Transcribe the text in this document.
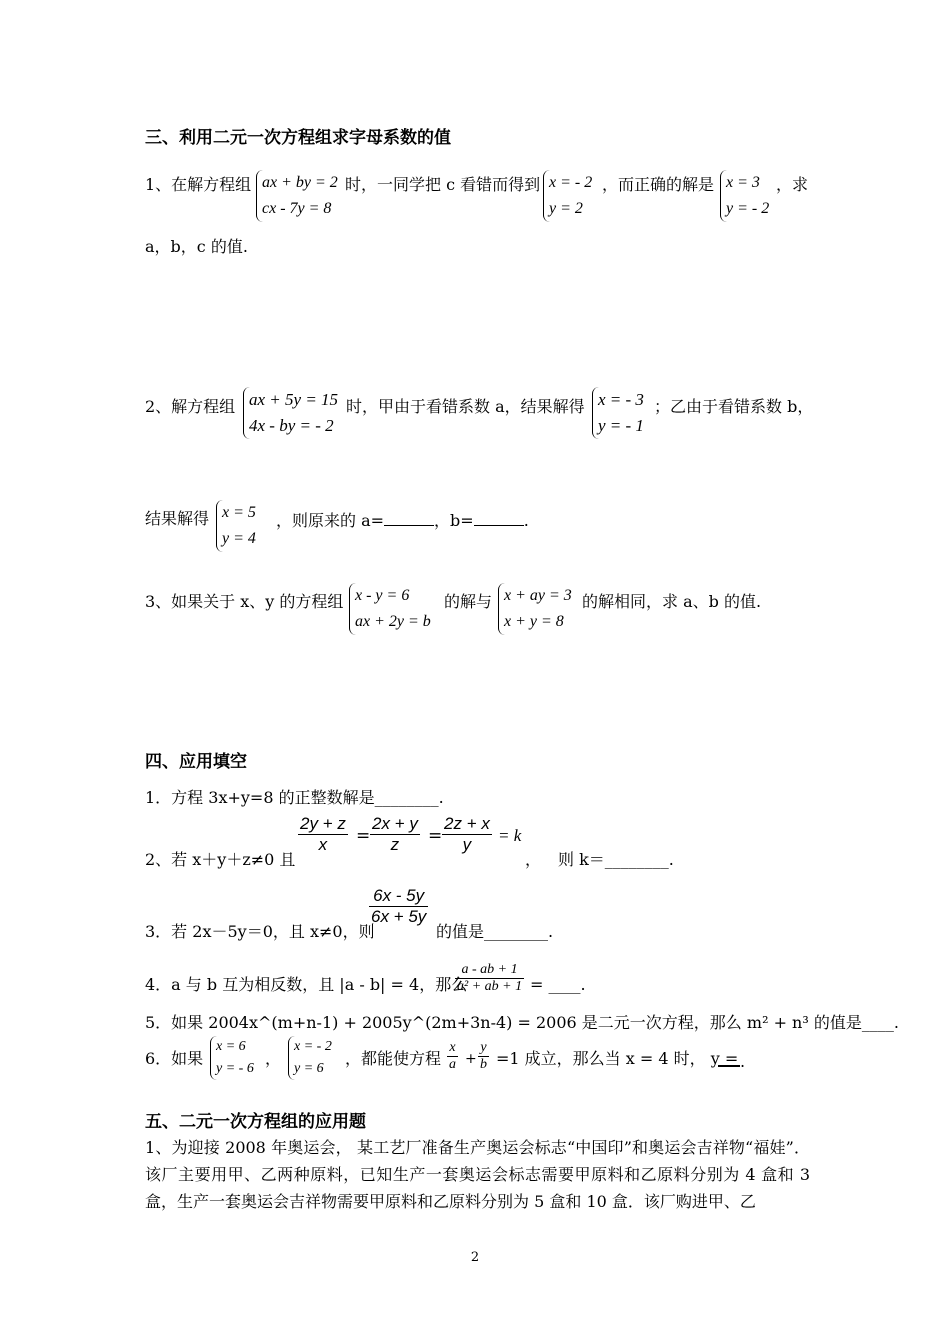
三、利用二元一次方程组求字母系数的值
1、在解方程组 ax + by = 2
cx - 7y = 8
时，一同学把 c 看错而得到 x = - 2
y = 2
，而正确的解是 x = 3
y = - 2
，求
a，b，c 的值.
2、解方程组 ax + 5y = 15
4x - by = - 2
时，甲由于看错系数 a，结果解得 x = - 3
y = - 1
；乙由于看错系数 b，
结果解得 x = 5
y = 4
，则原来的 a=	，b=	.
3、如果关于 x、y 的方程组 x - y = 6
ax + 2y = b
的解与 x + ay = 3
x + y = 8
的解相同，求 a、b 的值.
四、应用填空
1．方程 3x+y=8 的正整数解是________.
$\frac{2y + z}{x} = \frac{2x + y}{z} = \frac{2z + x}{y} = k$
2、若 x＋y＋z≠0 且	， 则 k＝________.
$\frac{6x - 5y}{6x + 5y}$
3．若 2x－5y＝0，且 x≠0，则	的值是________.
4．a 与 b 互为相反数，且 |a - b| = 4，那么
$\frac{a - ab + 1}{\text{a² + ab + 1}}$ = ____.
5．如果 2004x^(m+n-1) + 2005y^(2m+3n-4) = 2006 是二元一次方程，那么 m² + n³ 的值是____.
6．如果
x = 6
y = - 6
，
x = - 2
y = 6
，都能使方程 $\frac{x}{a} + \frac{y}{b} =1$ 成立，那么当 x = 4 时， y = .
五、二元一次方程组的应用题
1、为迎接 2008 年奥运会， 某工艺厂准备生产奥运会标志“中国印”和奥运会吉祥物“福娃”．该厂主要用甲、乙两种原料，已知生产一套奥运会标志需要甲原料和乙原料分别为 4 盒和 3 盒，生产一套奥运会吉祥物需要甲原料和乙原料分别为 5 盒和 10 盒．该厂购进甲、乙
2
